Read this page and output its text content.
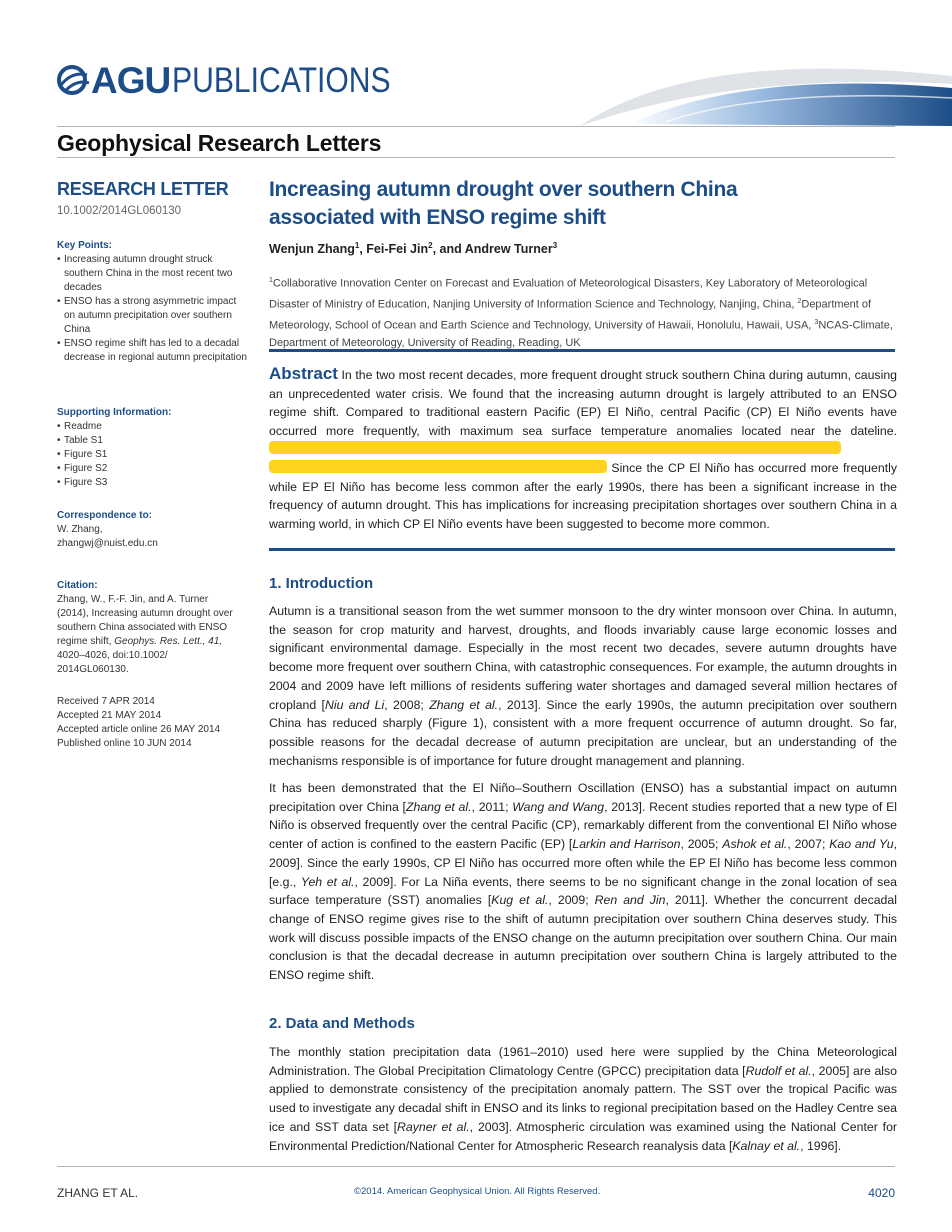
AGU PUBLICATIONS
Geophysical Research Letters
RESEARCH LETTER
10.1002/2014GL060130
Key Points:
• Increasing autumn drought struck southern China in the most recent two decades
• ENSO has a strong asymmetric impact on autumn precipitation over southern China
• ENSO regime shift has led to a decadal decrease in regional autumn precipitation
Supporting Information:
• Readme
• Table S1
• Figure S1
• Figure S2
• Figure S3
Correspondence to:
W. Zhang,
zhangwj@nuist.edu.cn
Citation:
Zhang, W., F.-F. Jin, and A. Turner (2014), Increasing autumn drought over southern China associated with ENSO regime shift, Geophys. Res. Lett., 41, 4020–4026, doi:10.1002/ 2014GL060130.
Received 7 APR 2014
Accepted 21 MAY 2014
Accepted article online 26 MAY 2014
Published online 10 JUN 2014
Increasing autumn drought over southern China associated with ENSO regime shift
Wenjun Zhang$^1$, Fei-Fei Jin$^2$, and Andrew Turner$^3$
$^1$Collaborative Innovation Center on Forecast and Evaluation of Meteorological Disasters, Key Laboratory of Meteorological Disaster of Ministry of Education, Nanjing University of Information Science and Technology, Nanjing, China, $^2$Department of Meteorology, School of Ocean and Earth Science and Technology, University of Hawaii, Honolulu, Hawaii, USA, $^3$NCAS-Climate, Department of Meteorology, University of Reading, Reading, UK
Abstract In the two most recent decades, more frequent drought struck southern China during autumn, causing an unprecedented water crisis. We found that the increasing autumn drought is largely attributed to an ENSO regime shift. Compared to traditional eastern Pacific (EP) El Niño, central Pacific (CP) El Niño events have occurred more frequently, with maximum sea surface temperature anomalies located near the dateline.
Since the CP El Niño has occurred more frequently while EP El Niño has become less common after the early 1990s, there has been a significant increase in the frequency of autumn drought. This has implications for increasing precipitation shortages over southern China in a warming world, in which CP El Niño events have been suggested to become more common.
1. Introduction
Autumn is a transitional season from the wet summer monsoon to the dry winter monsoon over China. In autumn, the season for crop maturity and harvest, droughts, and floods invariably cause large economic losses and significant environmental damage. Especially in the most recent two decades, severe autumn droughts have become more frequent over southern China, with catastrophic consequences. For example, the autumn droughts in 2004 and 2009 have left millions of residents suffering water shortages and damaged several million hectares of cropland [Niu and Li, 2008; Zhang et al., 2013]. Since the early 1990s, the autumn precipitation over southern China has reduced sharply (Figure 1), consistent with a more frequent occurrence of autumn drought. So far, possible reasons for the decadal decrease of autumn precipitation are unclear, but an understanding of the mechanisms responsible is of importance for future drought management and planning.
It has been demonstrated that the El Niño–Southern Oscillation (ENSO) has a substantial impact on autumn precipitation over China [Zhang et al., 2011; Wang and Wang, 2013]. Recent studies reported that a new type of El Niño is observed frequently over the central Pacific (CP), remarkably different from the conventional El Niño whose center of action is confined to the eastern Pacific (EP) [Larkin and Harrison, 2005; Ashok et al., 2007; Kao and Yu, 2009]. Since the early 1990s, CP El Niño has occurred more often while the EP El Niño has become less common [e.g., Yeh et al., 2009]. For La Niña events, there seems to be no significant change in the zonal location of sea surface temperature (SST) anomalies [Kug et al., 2009; Ren and Jin, 2011]. Whether the concurrent decadal change of ENSO regime gives rise to the shift of autumn precipitation over southern China deserves study. This work will discuss possible impacts of the ENSO change on the autumn precipitation over southern China. Our main conclusion is that the decadal decrease in autumn precipitation over southern China is largely attributed to the ENSO regime shift.
2. Data and Methods
The monthly station precipitation data (1961–2010) used here were supplied by the China Meteorological Administration. The Global Precipitation Climatology Centre (GPCC) precipitation data [Rudolf et al., 2005] are also applied to demonstrate consistency of the precipitation anomaly pattern. The SST over the tropical Pacific was used to investigate any decadal shift in ENSO and its links to regional precipitation based on the Hadley Centre sea ice and SST data set [Rayner et al., 2003]. Atmospheric circulation was examined using the National Center for Environmental Prediction/National Center for Atmospheric Research reanalysis data [Kalnay et al., 1996].
ZHANG ET AL.	©2014. American Geophysical Union. All Rights Reserved.	4020
